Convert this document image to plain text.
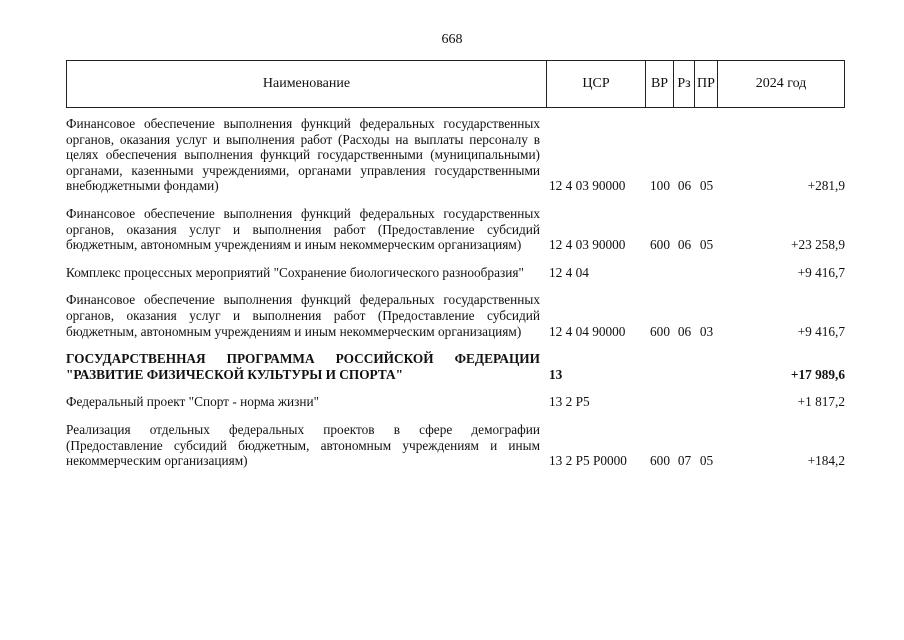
668
Наименование	ЦСР	ВР Рз ПР	2024 год
Финансовое обеспечение выполнения функций федеральных государственных органов, оказания услуг и выполнения работ (Расходы на выплаты персоналу в целях обеспечения выполнения функций государственными (муниципальными) органами, казенными учреждениями, органами управления государственными внебюджетными фондами)	12 4 03 90000	100 06 05	+281,9
Финансовое обеспечение выполнения функций федеральных государственных органов, оказания услуг и выполнения работ (Предоставление субсидий бюджетным, автономным учреждениям и иным некоммерческим организациям)	12 4 03 90000	600 06 05	+23 258,9
Комплекс процессных мероприятий "Сохранение биологического разнообразия"	12 4 04	+9 416,7
Финансовое обеспечение выполнения функций федеральных государственных органов, оказания услуг и выполнения работ (Предоставление субсидий бюджетным, автономным учреждениям и иным некоммерческим организациям)	12 4 04 90000	600 06 03	+9 416,7
ГОСУДАРСТВЕННАЯ ПРОГРАММА РОССИЙСКОЙ ФЕДЕРАЦИИ "РАЗВИТИЕ ФИЗИЧЕСКОЙ КУЛЬТУРЫ И СПОРТА"	13	+17 989,6
Федеральный проект "Спорт - норма жизни"	13 2 P5	+1 817,2
Реализация отдельных федеральных проектов в сфере демографии (Предоставление субсидий бюджетным, автономным учреждениям и иным некоммерческим организациям)	13 2 P5 P0000	600 07 05	+184,2
